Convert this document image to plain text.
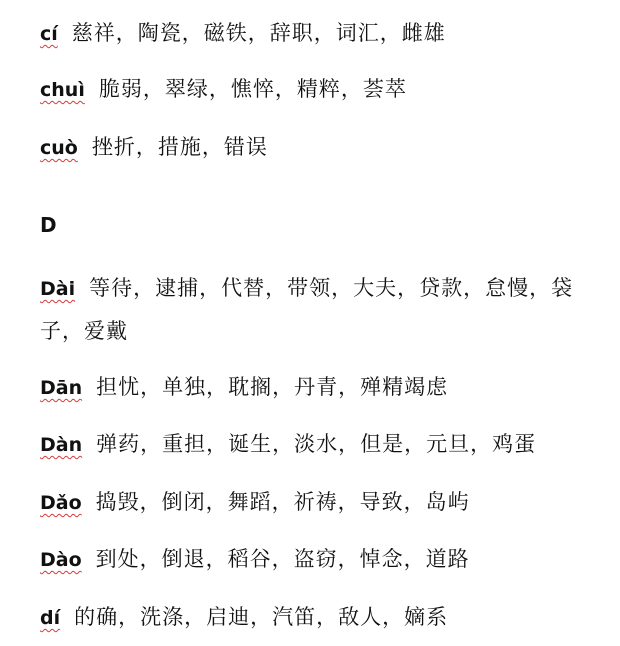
cí 慈祥，陶瓷，磁铁，辞职，词汇，雌雄
chuì 脆弱，翠绿，憔悴，精粹，荟萃
cuò 挫折，措施，错误
D
Dài 等待，逮捕，代替，带领，大夫，贷款，怠慢，袋子，爱戴
Dān 担忧，单独，耽搁，丹青，殚精竭虑
Dàn 弹药，重担，诞生，淡水，但是，元旦，鸡蛋
Dǎo 捣毁，倒闭，舞蹈，祈祷，导致，岛屿
Dào 到处，倒退，稻谷，盗窃，悼念，道路
dí 的确，洗涤，启迪，汽笛，敌人，嫡系
